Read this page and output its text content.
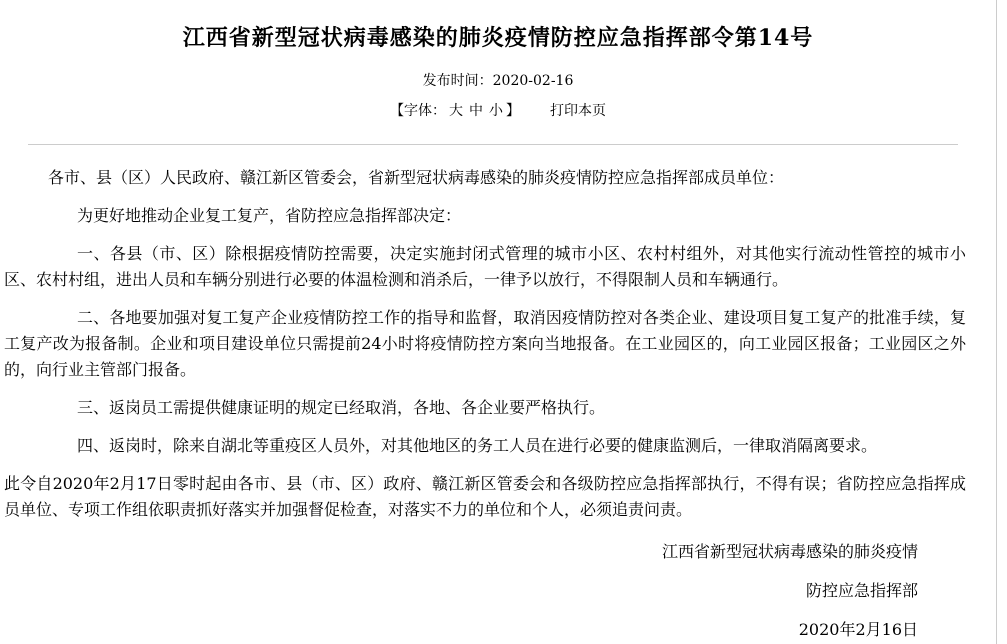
江西省新型冠状病毒感染的肺炎疫情防控应急指挥部令第14号
发布时间：2020-02-16
【字体： 大 中 小 】 打印本页

各市、县（区）人民政府、赣江新区管委会，省新型冠状病毒感染的肺炎疫情防控应急指挥部成员单位：

为更好地推动企业复工复产，省防控应急指挥部决定：

一、各县（市、区）除根据疫情防控需要，决定实施封闭式管理的城市小区、农村村组外，对其他实行流动性管控的城市小区、农村村组，进出人员和车辆分别进行必要的体温检测和消杀后，一律予以放行，不得限制人员和车辆通行。

二、各地要加强对复工复产企业疫情防控工作的指导和监督，取消因疫情防控对各类企业、建设项目复工复产的批准手续，复工复产改为报备制。企业和项目建设单位只需提前24小时将疫情防控方案向当地报备。在工业园区的，向工业园区报备；工业园区之外的，向行业主管部门报备。

三、返岗员工需提供健康证明的规定已经取消，各地、各企业要严格执行。

四、返岗时，除来自湖北等重疫区人员外，对其他地区的务工人员在进行必要的健康监测后，一律取消隔离要求。

此令自2020年2月17日零时起由各市、县（市、区）政府、赣江新区管委会和各级防控应急指挥部执行，不得有误；省防控应急指挥成员单位、专项工作组依职责抓好落实并加强督促检查，对落实不力的单位和个人，必须追责问责。

江西省新型冠状病毒感染的肺炎疫情
防控应急指挥部
2020年2月16日
